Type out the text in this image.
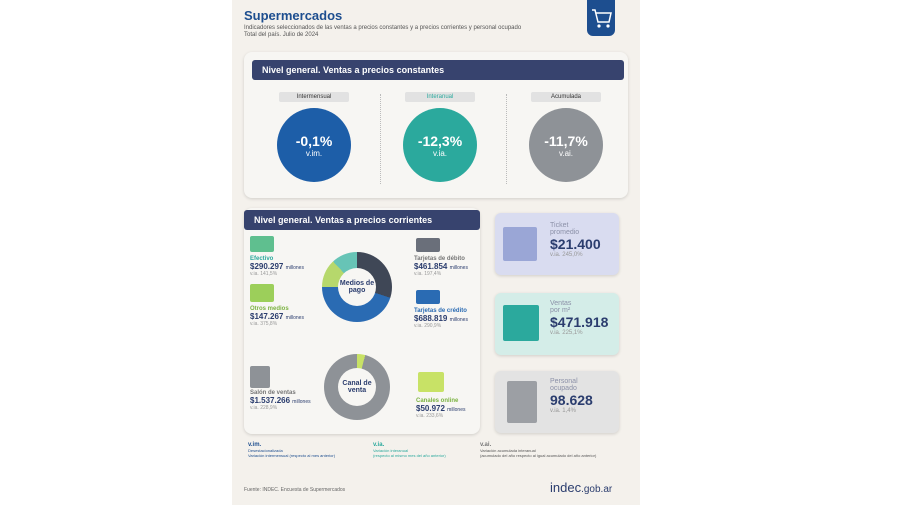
Supermercados
Indicadores seleccionados de las ventas a precios constantes y a precios corrientes y personal ocupado
Total del país. Julio de 2024
Nivel general. Ventas a precios constantes
Intermensual
-0,1%
v.im.
Interanual
-12,3%
v.ia.
Acumulada
-11,7%
v.ai.
Nivel general. Ventas a precios corrientes
Efectivo
$290.297 millones
v.ia. 141,5%
Otros medios
$147.267 millones
v.ia. 375,8%
Medios de pago
Tarjetas de débito
$461.854 millones
v.ia. 197,4%
Tarjetas de crédito
$688.819 millones
v.ia. 290,9%
Salón de ventas
$1.537.266 millones
v.ia. 228,9%
Canal de venta
Canales online
$50.972 millones
v.ia. 233,6%
Ticket
promedio
$21.400
v.ia. 245,0%
Ventas
por m²
$471.918
v.ia. 225,1%
Personal
ocupado
98.628
v.ia. 1,4%
v.im.
Desestacionalizada
Variación intermensual (respecto al mes anterior)
v.ia.
Variación interanual
(respecto al mismo mes del año anterior)
v.ai.
Variación acumulada interanual
(acumulado del año respecto al igual acumulado del año anterior)
Fuente: INDEC. Encuesta de Supermercados	indec.gob.ar
